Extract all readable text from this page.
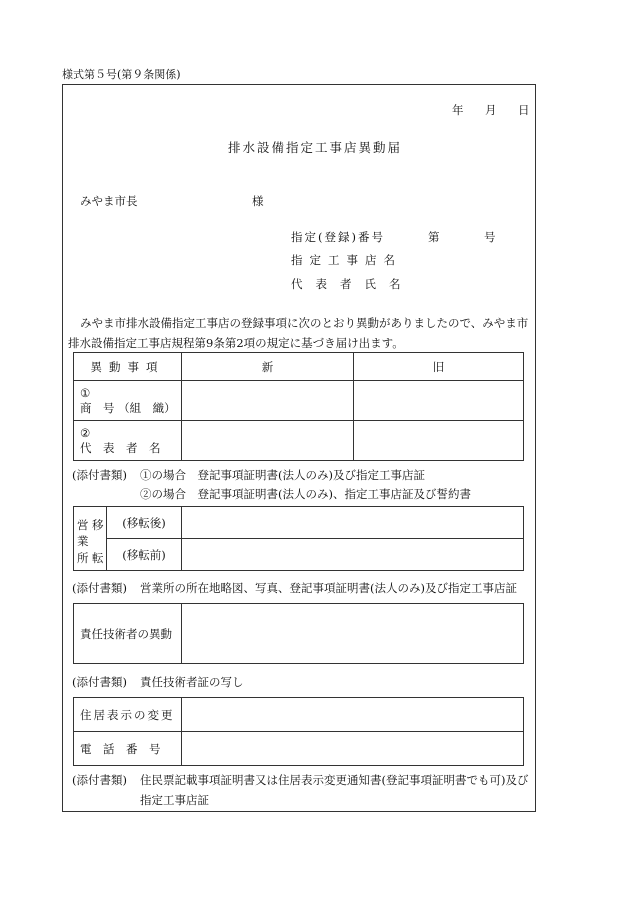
様式第５号(第９条関係)
年 月 日
排水設備指定工事店異動届
みやま市長	様
指定(登録)番号	第	号
指定工事店名
代表者氏名
みやま市排水設備指定工事店の登録事項に次のとおり異動がありましたので、みやま市
排水設備指定工事店規程第9条第2項の規定に基づき届け出ます。
異動事項	新	旧

①
商　号 （組　織）		

②
代　表　者　名		

(添付書類) ①の場合　登記事項証明書(法人のみ)及び指定工事店証
②の場合　登記事項証明書(法人のみ)、指定工事店証及び誓約書
営 移
業
所 転	(移転後)	
	(移転前)	
(添付書類) 営業所の所在地略図、写真、登記事項証明書(法人のみ)及び指定工事店証
責任技術者の異動	
(添付書類) 責任技術者証の写し
住居表示の変更	
電　話　番　号	
(添付書類) 住民票記載事項証明書又は住居表示変更通知書(登記事項証明書でも可)及び
指定工事店証
